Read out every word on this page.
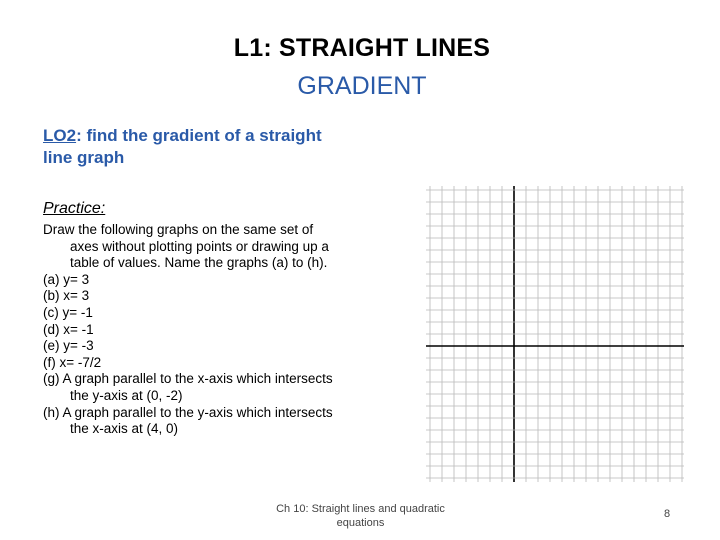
L1: STRAIGHT LINES
GRADIENT
LO2: find the gradient of a straight line graph
Practice:

Draw the following graphs on the same set of axes without plotting points or drawing up a table of values. Name the graphs (a) to (h).

(a) y= 3

(b) x= 3

(c) y= -1

(d) x= -1

(e) y= -3

(f) x= -7/2

(g) A graph parallel to the x-axis which intersects the y-axis at (0, -2)

(h) A graph parallel to the y-axis which intersects the x-axis at (4, 0)

Ch 10: Straight lines and quadratic equations
8
